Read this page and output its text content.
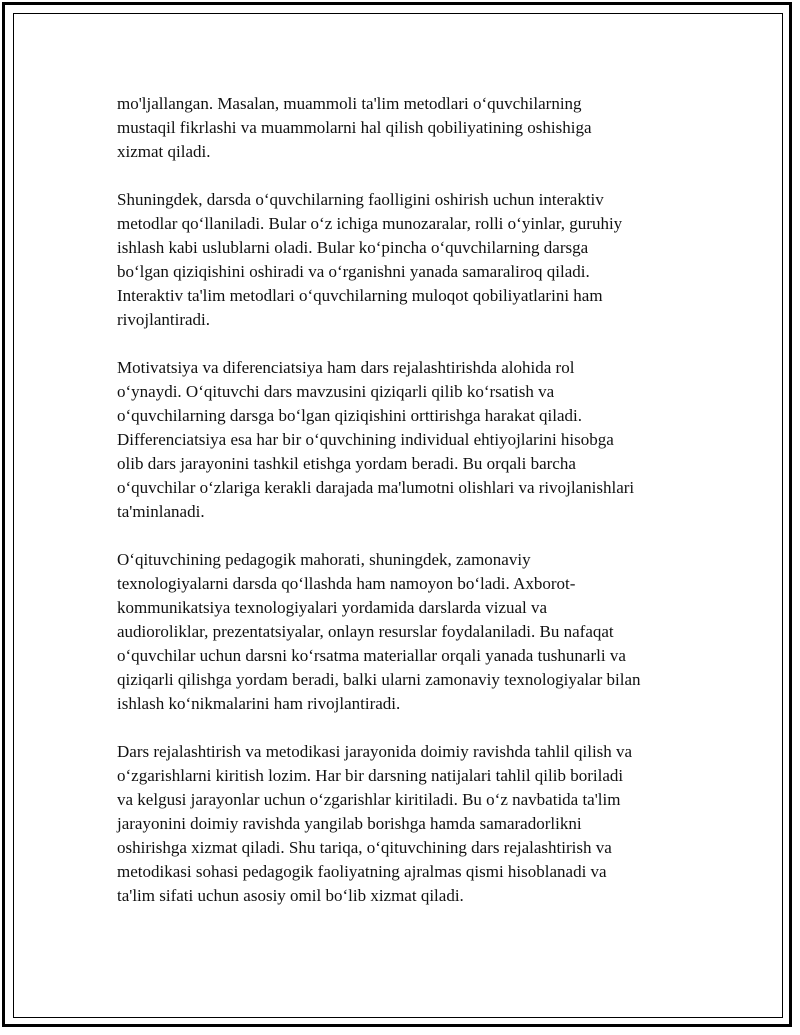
mo'ljallangan. Masalan, muammoli ta'lim metodlari o‘quvchilarning
mustaqil fikrlashi va muammolarni hal qilish qobiliyatining oshishiga
xizmat qiladi.

Shuningdek, darsda o‘quvchilarning faolligini oshirish uchun interaktiv
metodlar qo‘llaniladi. Bular o‘z ichiga munozaralar, rolli o‘yinlar, guruhiy
ishlash kabi uslublarni oladi. Bular ko‘pincha o‘quvchilarning darsga
bo‘lgan qiziqishini oshiradi va o‘rganishni yanada samaraliroq qiladi.
Interaktiv ta'lim metodlari o‘quvchilarning muloqot qobiliyatlarini ham
rivojlantiradi.

Motivatsiya va diferenciatsiya ham dars rejalashtirishda alohida rol
o‘ynaydi. O‘qituvchi dars mavzusini qiziqarli qilib ko‘rsatish va
o‘quvchilarning darsga bo‘lgan qiziqishini orttirishga harakat qiladi.
Differenciatsiya esa har bir o‘quvchining individual ehtiyojlarini hisobga
olib dars jarayonini tashkil etishga yordam beradi. Bu orqali barcha
o‘quvchilar o‘zlariga kerakli darajada ma'lumotni olishlari va rivojlanishlari
ta'minlanadi.

O‘qituvchining pedagogik mahorati, shuningdek, zamonaviy
texnologiyalarni darsda qo‘llashda ham namoyon bo‘ladi. Axborot-
kommunikatsiya texnologiyalari yordamida darslarda vizual va
audioroliklar, prezentatsiyalar, onlayn resurslar foydalaniladi. Bu nafaqat
o‘quvchilar uchun darsni ko‘rsatma materiallar orqali yanada tushunarli va
qiziqarli qilishga yordam beradi, balki ularni zamonaviy texnologiyalar bilan
ishlash ko‘nikmalarini ham rivojlantiradi.

Dars rejalashtirish va metodikasi jarayonida doimiy ravishda tahlil qilish va
o‘zgarishlarni kiritish lozim. Har bir darsning natijalari tahlil qilib boriladi
va kelgusi jarayonlar uchun o‘zgarishlar kiritiladi. Bu o‘z navbatida ta'lim
jarayonini doimiy ravishda yangilab borishga hamda samaradorlikni
oshirishga xizmat qiladi. Shu tariqa, o‘qituvchining dars rejalashtirish va
metodikasi sohasi pedagogik faoliyatning ajralmas qismi hisoblanadi va
ta'lim sifati uchun asosiy omil bo‘lib xizmat qiladi.
